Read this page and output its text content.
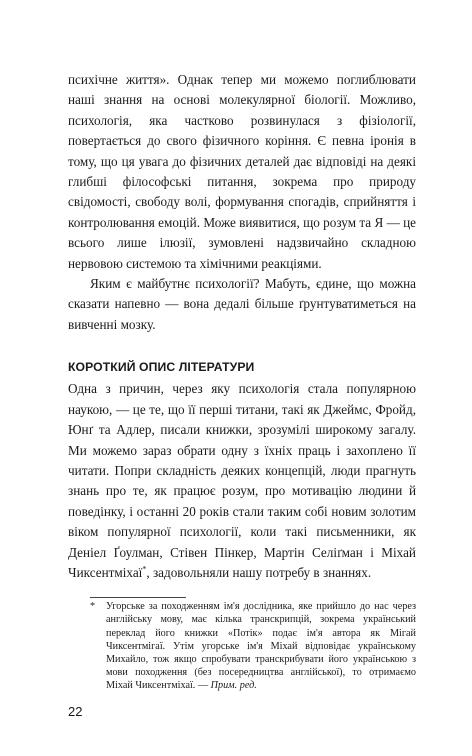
психічне життя». Однак тепер ми можемо поглиблювати наші знання на основі молекулярної біології. Можливо, психологія, яка частково розвинулася з фізіології, повертається до свого фізичного коріння. Є певна іронія в тому, що ця увага до фізичних деталей дає відповіді на деякі глибші філософські питання, зокрема про природу свідомості, свободу волі, формування спогадів, сприйняття і контролювання емоцій. Може виявитися, що розум та Я — це всього лише ілюзії, зумовлені надзвичайно складною нервовою системою та хімічними реакціями.

Яким є майбутнє психології? Мабуть, єдине, що можна сказати напевно — вона дедалі більше ґрунтуватиметься на вивченні мозку.

КОРОТКИЙ ОПИС ЛІТЕРАТУРИ

Одна з причин, через яку психологія стала популярною наукою, — це те, що її перші титани, такі як Джеймс, Фройд, Юнґ та Адлер, писали книжки, зрозумілі широкому загалу. Ми можемо зараз обрати одну з їхніх праць і захоплено її читати. Попри складність деяких концепцій, люди прагнуть знань про те, як працює розум, про мотивацію людини й поведінку, і останні 20 років стали таким собі новим золотим віком популярної психології, коли такі письменники, як Деніел Ґоулман, Стівен Пінкер, Мартін Селіґман і Міхай Чиксентміхаї*, задовольняли нашу потребу в знаннях.

*	Угорське за походженням ім'я дослідника, яке прийшло до нас через англійську мову, має кілька транскрипцій, зокрема український переклад його книжки «Потік» подає ім'я автора як Мігай Чиксентмігаї. Утім угорське ім'я Міхай відповідає українському Михайло, тож якщо спробувати транскрибувати його українською з мови походження (без посередництва англійської), то отримаємо Міхай Чиксентміхаї. — Прим. ред.
22
